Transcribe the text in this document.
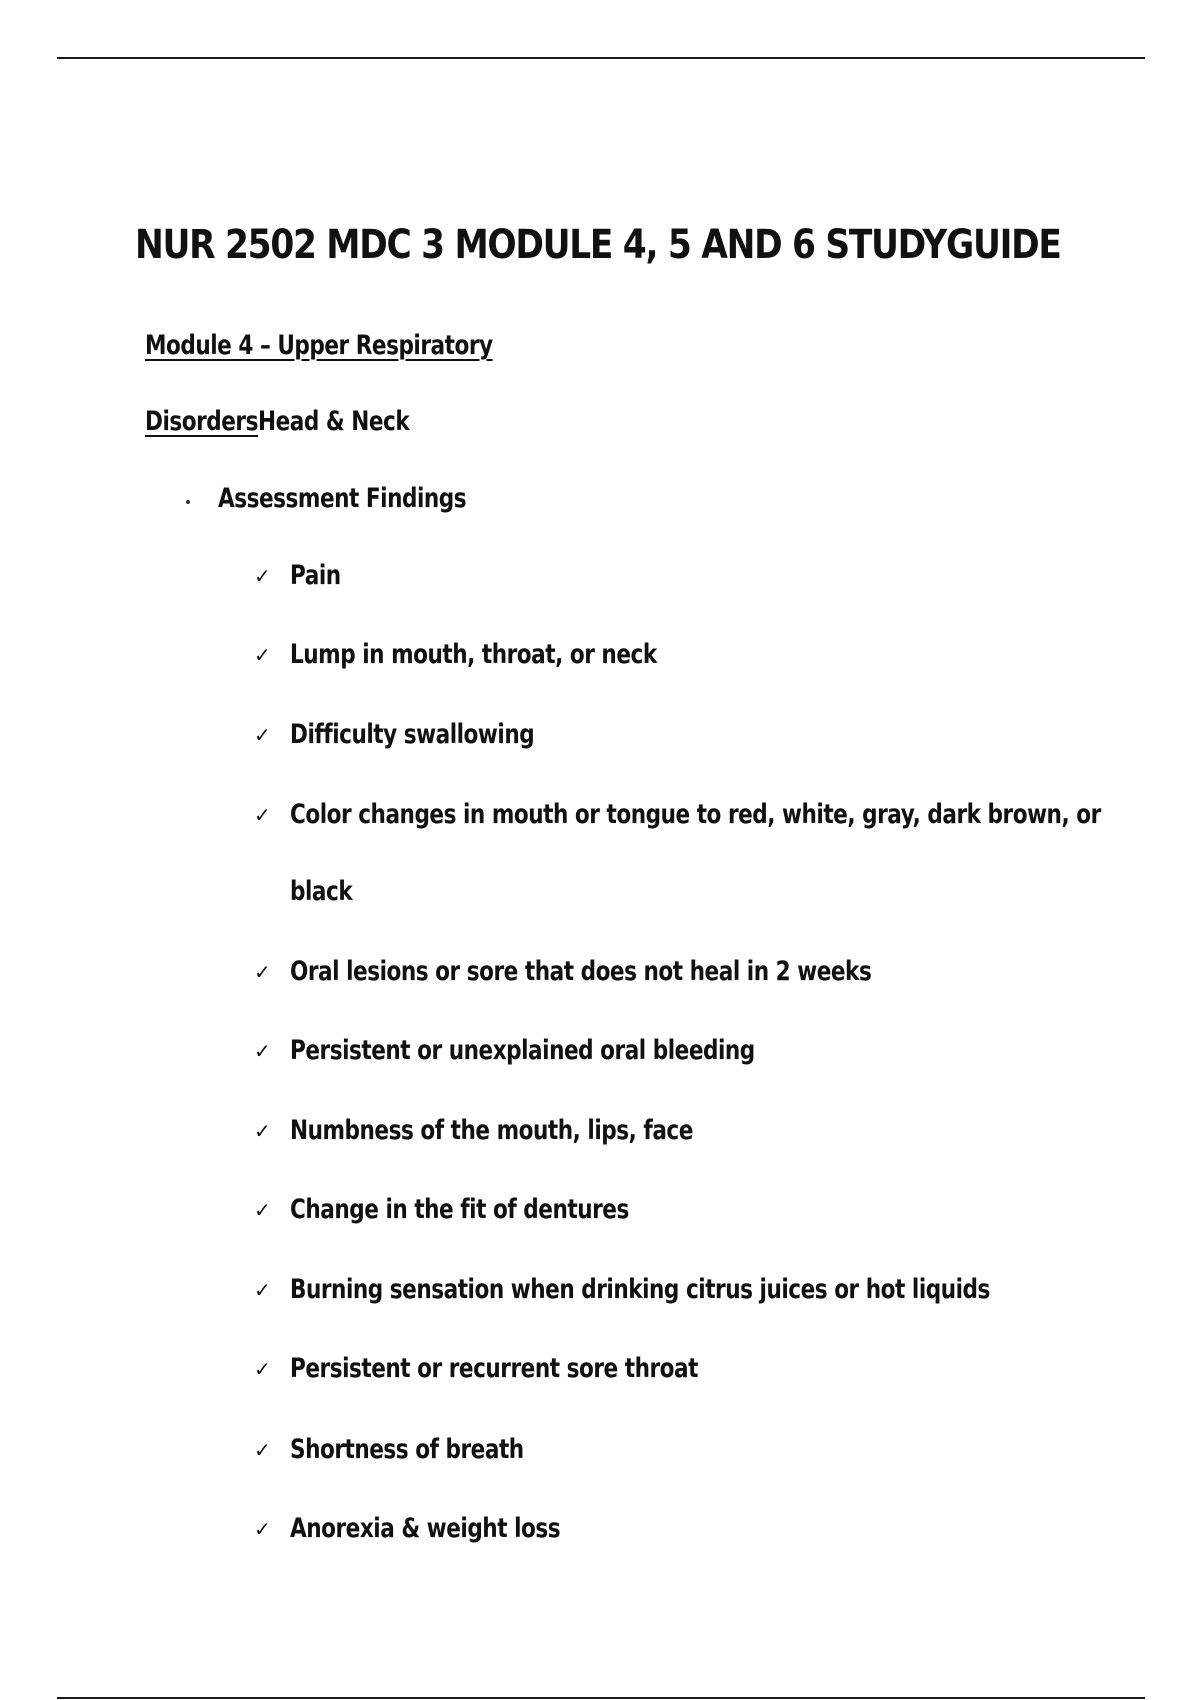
NUR 2502 MDC 3 MODULE 4, 5 AND 6 STUDYGUIDE
Module 4 – Upper Respiratory
DisordersHead & Neck
Assessment Findings
✓ Pain
✓ Lump in mouth, throat, or neck
✓ Difficulty swallowing
✓ Color changes in mouth or tongue to red, white, gray, dark brown, or
black
✓ Oral lesions or sore that does not heal in 2 weeks
✓ Persistent or unexplained oral bleeding
✓ Numbness of the mouth, lips, face
✓ Change in the fit of dentures
✓ Burning sensation when drinking citrus juices or hot liquids
✓ Persistent or recurrent sore throat
✓ Shortness of breath
✓ Anorexia & weight loss
